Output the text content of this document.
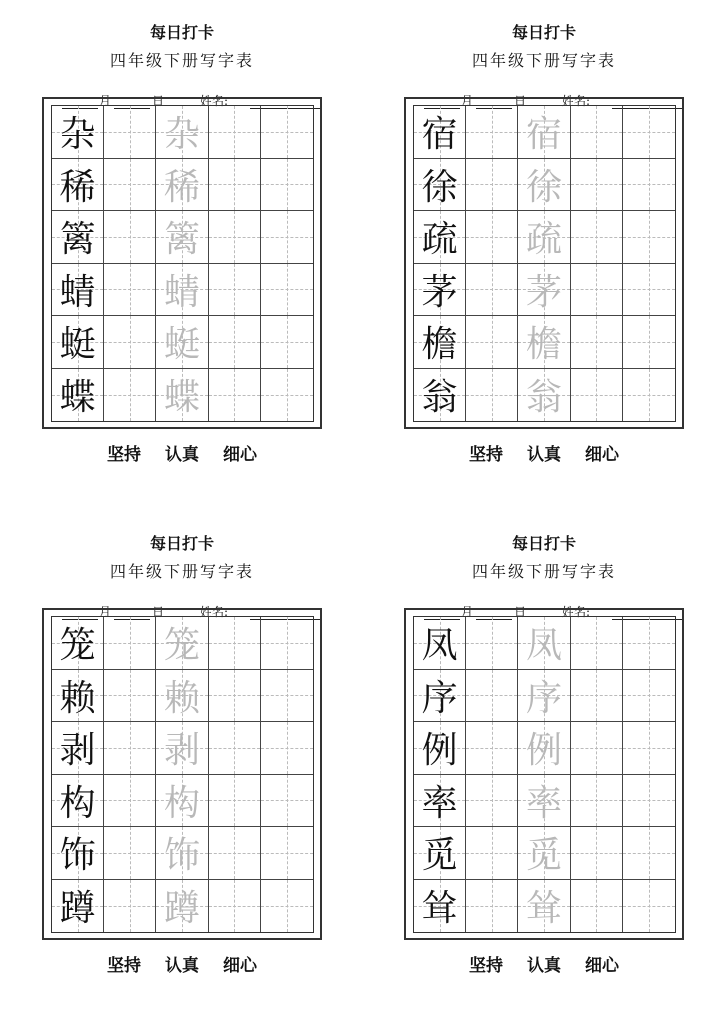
每日打卡
四年级下册写字表
月	日	姓名:
杂 杂
稀 稀
篱 篱
蜻 蜻
蜓 蜓
蝶 蝶
坚持 认真 细心
每日打卡
四年级下册写字表
月	日	姓名:
宿 宿
徐 徐
疏 疏
茅 茅
檐 檐
翁 翁
坚持 认真 细心
每日打卡
四年级下册写字表
月	日	姓名:
笼 笼
赖 赖
剥 剥
构 构
饰 饰
蹲 蹲
坚持 认真 细心
每日打卡
四年级下册写字表
月	日	姓名:
凤 凤
序 序
例 例
率 率
觅 觅
耸 耸
坚持 认真 细心
